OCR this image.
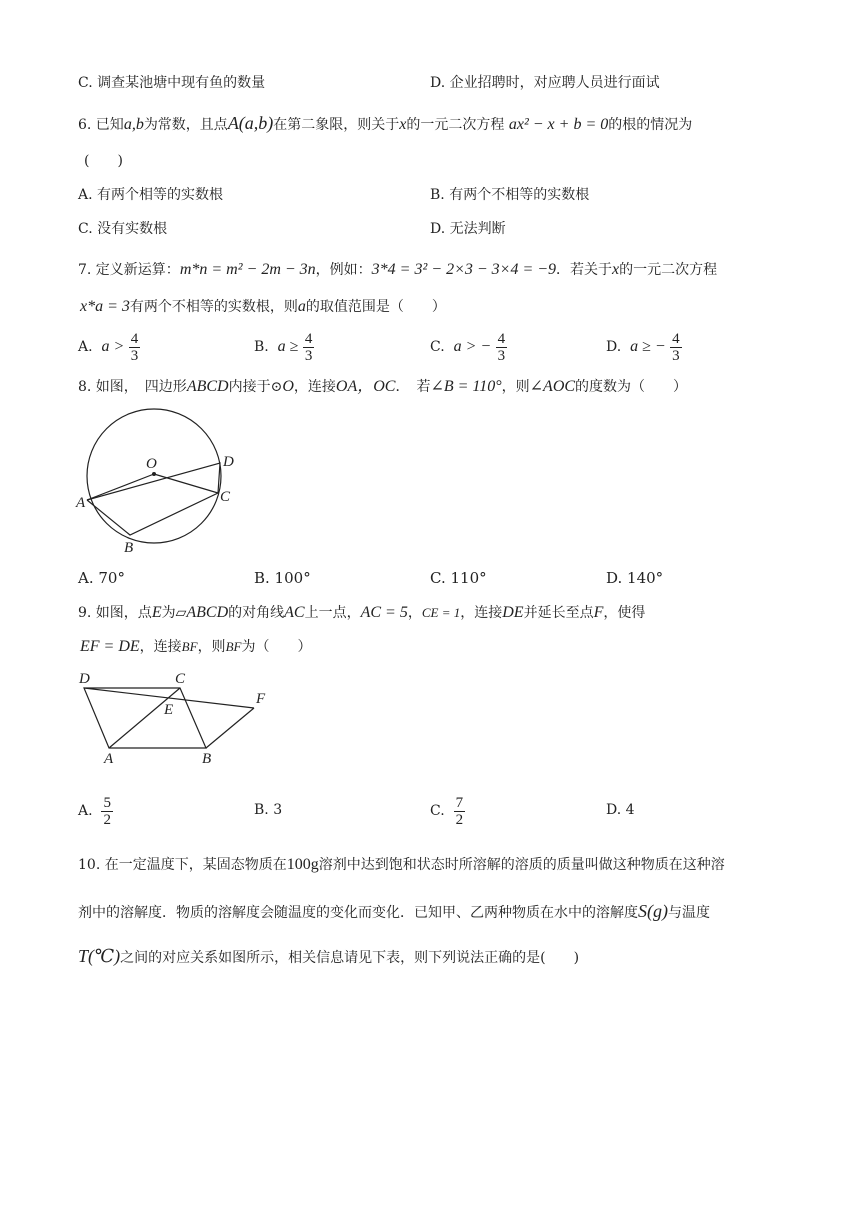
C. 调查某池塘中现有鱼的数量	D. 企业招聘时，对应聘人员进行面试
6. 已知a,b为常数，且点A(a,b)在第二象限，则关于x的一元二次方程 ax² − x + b = 0的根的情况为
(　　)
A. 有两个相等的实数根	B. 有两个不相等的实数根
C. 没有实数根	D. 无法判断
7. 定义新运算：m*n = m² − 2m − 3n，例如：3*4 = 3² − 2×3 − 3×4 = −9．若关于x的一元二次方程
x*a = 3有两个不相等的实数根，则a的取值范围是（　　）
A. $a > \frac{4}{3}$	B. $a \ge \frac{4}{3}$	C. a > − $\frac{4}{3}$	D. a ≥ − $\frac{4}{3}$
8. 如图，　四边形ABCD内接于⊙O，连接OA，OC．　若∠B = 110°，则∠AOC的度数为（　　）
O	D
A	C
B
A. 70°	B. 100°	C. 110°	D. 140°
9. 如图，点E为▱ABCD的对角线AC上一点，AC = 5，CE = 1，连接DE并延长至点F，使得
EF = DE，连接BF，则BF为（　　）
D	C
E
F
A	B
A. $\frac{5}{2}$	B. 3	C. $\frac{7}{2}$	D. 4
10. 在一定温度下，某固态物质在100g溶剂中达到饱和状态时所溶解的溶质的质量叫做这种物质在这种溶
剂中的溶解度．物质的溶解度会随温度的变化而变化．已知甲、乙两种物质在水中的溶解度S(g)与温度
T(℃)之间的对应关系如图所示，相关信息请见下表，则下列说法正确的是(　　)
